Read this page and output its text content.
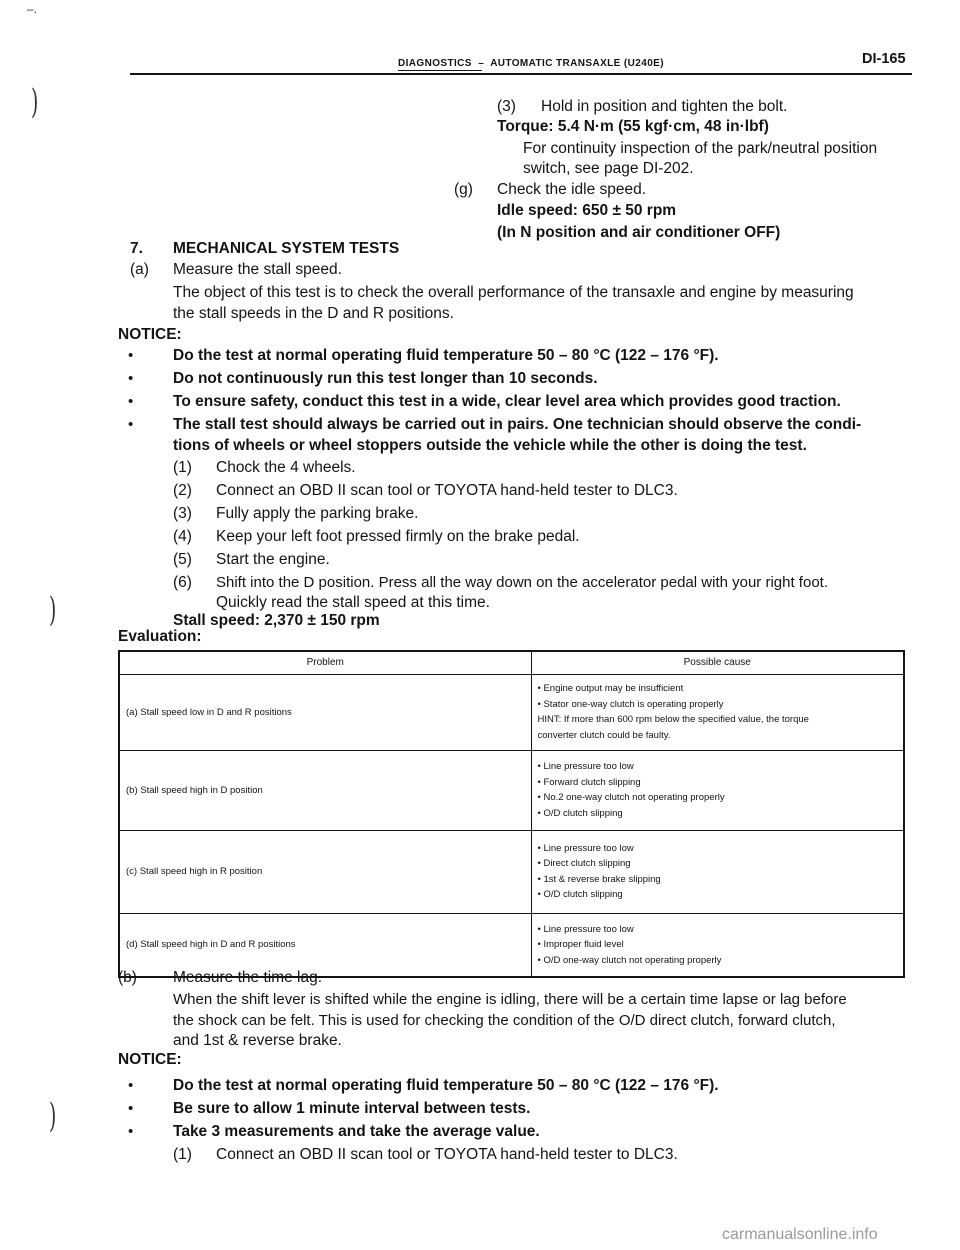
DIAGNOSTICS – AUTOMATIC TRANSAXLE (U240E)	DI-165
)
)
)
–.
(3) Hold in position and tighten the bolt.
Torque: 5.4 N·m (55 kgf·cm, 48 in·lbf)
For continuity inspection of the park/neutral position
switch, see page DI-202.
(g) Check the idle speed.
Idle speed: 650 ± 50 rpm
(In N position and air conditioner OFF)
7. MECHANICAL SYSTEM TESTS
(a) Measure the stall speed.
The object of this test is to check the overall performance of the transaxle and engine by measuring
the stall speeds in the D and R positions.
NOTICE:
•	Do the test at normal operating fluid temperature 50 – 80 °C (122 – 176 °F).
•	Do not continuously run this test longer than 10 seconds.
•	To ensure safety, conduct this test in a wide, clear level area which provides good traction.
•	The stall test should always be carried out in pairs. One technician should observe the condi-
tions of wheels or wheel stoppers outside the vehicle while the other is doing the test.
(1) Chock the 4 wheels.
(2) Connect an OBD II scan tool or TOYOTA hand-held tester to DLC3.
(3) Fully apply the parking brake.
(4) Keep your left foot pressed firmly on the brake pedal.
(5) Start the engine.
(6) Shift into the D position. Press all the way down on the accelerator pedal with your right foot.
Quickly read the stall speed at this time.
Stall speed: 2,370 ± 150 rpm
Evaluation:
Problem	Possible cause
(a) Stall speed low in D and R positions	• Engine output may be insufficient
• Stator one-way clutch is operating properly
HINT: If more than 600 rpm below the specified value, the torque
converter clutch could be faulty.

(b) Stall speed high in D position	• Line pressure too low
• Forward clutch slipping
• No.2 one-way clutch not operating properly
• O/D clutch slipping

(c) Stall speed high in R position	• Line pressure too low
• Direct clutch slipping
• 1st & reverse brake slipping
• O/D clutch slipping

(d) Stall speed high in D and R positions	• Line pressure too low
• Improper fluid level
• O/D one-way clutch not operating properly
(b) Measure the time lag.
When the shift lever is shifted while the engine is idling, there will be a certain time lapse or lag before
the shock can be felt. This is used for checking the condition of the O/D direct clutch, forward clutch,
and 1st & reverse brake.
NOTICE:
•	Do the test at normal operating fluid temperature 50 – 80 °C (122 – 176 °F).
•	Be sure to allow 1 minute interval between tests.
•	Take 3 measurements and take the average value.
(1) Connect an OBD II scan tool or TOYOTA hand-held tester to DLC3.
carmanualsonline.info
